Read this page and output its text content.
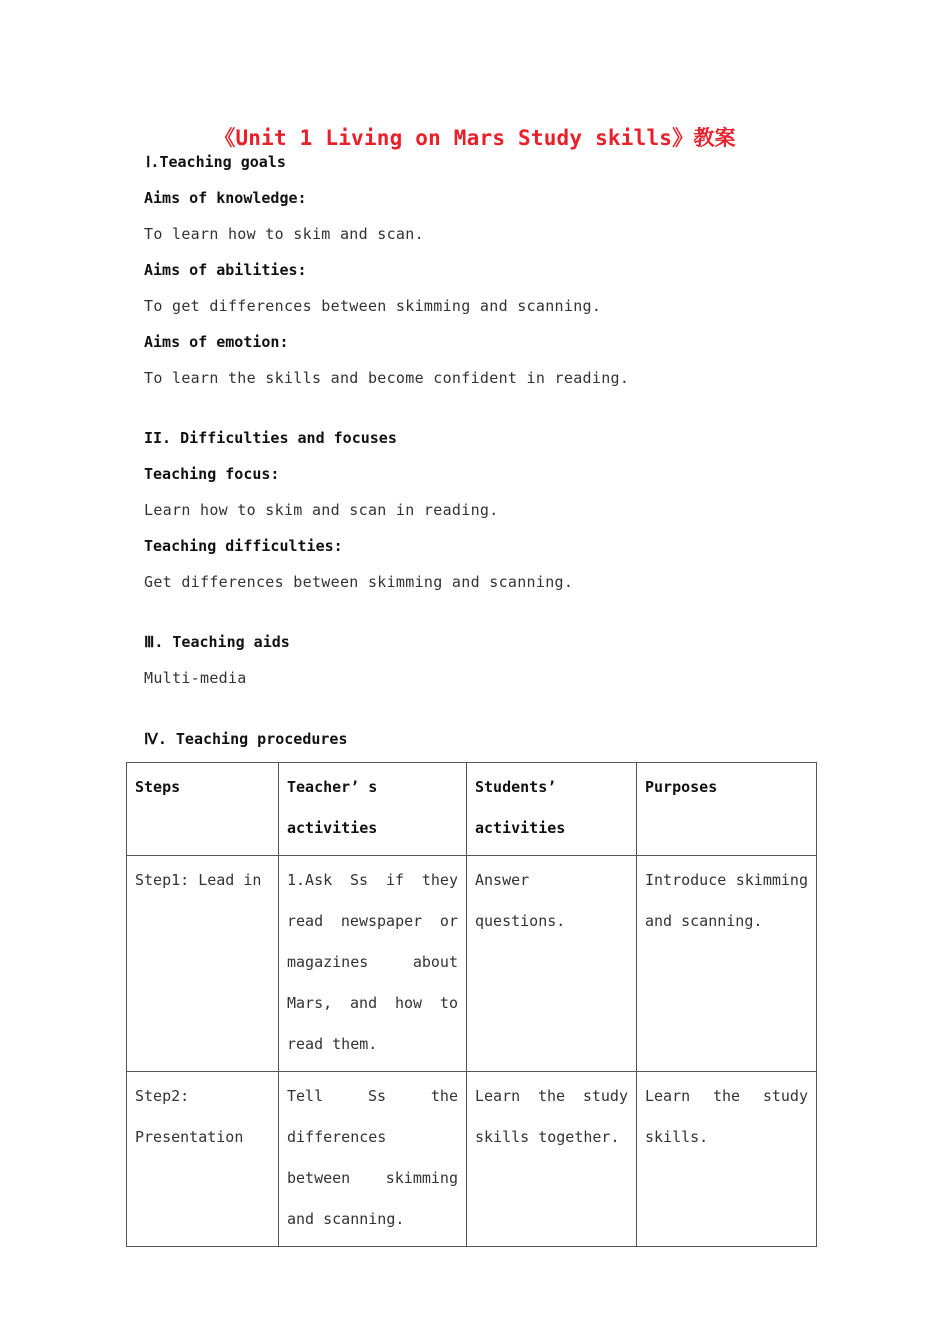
《Unit 1 Living on Mars Study skills》教案
Ⅰ.Teaching goals
Aims of knowledge:
To learn how to skim and scan.
Aims of abilities:
To get differences between skimming and scanning.
Aims of emotion:
To learn the skills and become confident in reading.
II. Difficulties and focuses
Teaching focus:
Learn how to skim and scan in reading.
Teaching difficulties:
Get differences between skimming and scanning.
Ⅲ. Teaching aids
Multi-media
Ⅳ. Teaching procedures
Steps	Teacher’ s activities	Students’ activities	Purposes
Step1: Lead in	1.Ask Ss if they read newspaper or magazines about Mars, and how to read them.	Answer questions.	Introduce skimming and scanning.

Step2: Presentation	Tell Ss the differences between skimming and scanning.	Learn the study skills together.	Learn the study skills.
